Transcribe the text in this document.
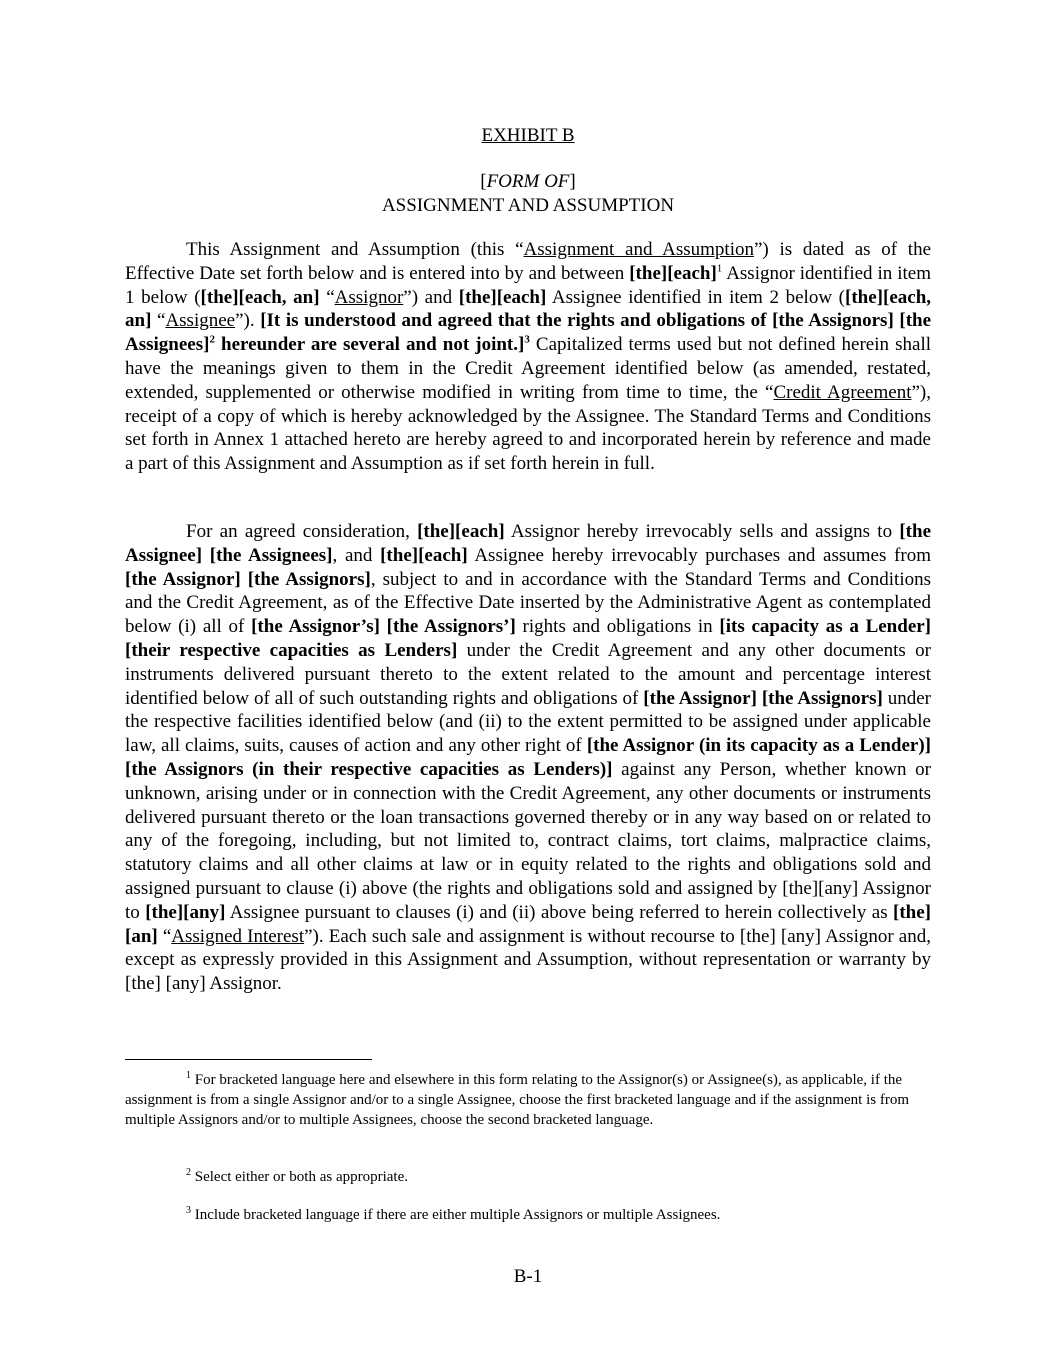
EXHIBIT B
[FORM OF]
ASSIGNMENT AND ASSUMPTION

This Assignment and Assumption (this “Assignment and Assumption”) is dated as of the Effective Date set forth below and is entered into by and between [the][each]$^1$ Assignor identified in item 1 below ([the][each, an] “Assignor”) and [the][each] Assignee identified in item 2 below ([the][each, an] “Assignee”). [It is understood and agreed that the rights and obligations of [the Assignors] [the Assignees]$^2$ hereunder are several and not joint.]$^3$ Capitalized terms used but not defined herein shall have the meanings given to them in the Credit Agreement identified below (as amended, restated, extended, supplemented or otherwise modified in writing from time to time, the “Credit Agreement”), receipt of a copy of which is hereby acknowledged by the Assignee. The Standard Terms and Conditions set forth in Annex 1 attached hereto are hereby agreed to and incorporated herein by reference and made a part of this Assignment and Assumption as if set forth herein in full.

For an agreed consideration, [the][each] Assignor hereby irrevocably sells and assigns to [the Assignee] [the Assignees], and [the][each] Assignee hereby irrevocably purchases and assumes from [the Assignor] [the Assignors], subject to and in accordance with the Standard Terms and Conditions and the Credit Agreement, as of the Effective Date inserted by the Administrative Agent as contemplated below (i) all of [the Assignor’s] [the Assignors’] rights and obligations in [its capacity as a Lender] [their respective capacities as Lenders] under the Credit Agreement and any other documents or instruments delivered pursuant thereto to the extent related to the amount and percentage interest identified below of all of such outstanding rights and obligations of [the Assignor] [the Assignors] under the respective facilities identified below (and (ii) to the extent permitted to be assigned under applicable law, all claims, suits, causes of action and any other right of [the Assignor (in its capacity as a Lender)] [the Assignors (in their respective capacities as Lenders)] against any Person, whether known or unknown, arising under or in connection with the Credit Agreement, any other documents or instruments delivered pursuant thereto or the loan transactions governed thereby or in any way based on or related to any of the foregoing, including, but not limited to, contract claims, tort claims, malpractice claims, statutory claims and all other claims at law or in equity related to the rights and obligations sold and assigned pursuant to clause (i) above (the rights and obligations sold and assigned by [the][any] Assignor to [the][any] Assignee pursuant to clauses (i) and (ii) above being referred to herein collectively as [the] [an] “Assigned Interest”). Each such sale and assignment is without recourse to [the] [any] Assignor and, except as expressly provided in this Assignment and Assumption, without representation or warranty by [the] [any] Assignor.

$^1$ For bracketed language here and elsewhere in this form relating to the Assignor(s) or Assignee(s), as applicable, if the assignment is from a single Assignor and/or to a single Assignee, choose the first bracketed language and if the assignment is from multiple Assignors and/or to multiple Assignees, choose the second bracketed language.

$^2$ Select either or both as appropriate.

$^3$ Include bracketed language if there are either multiple Assignors or multiple Assignees.

B-1
